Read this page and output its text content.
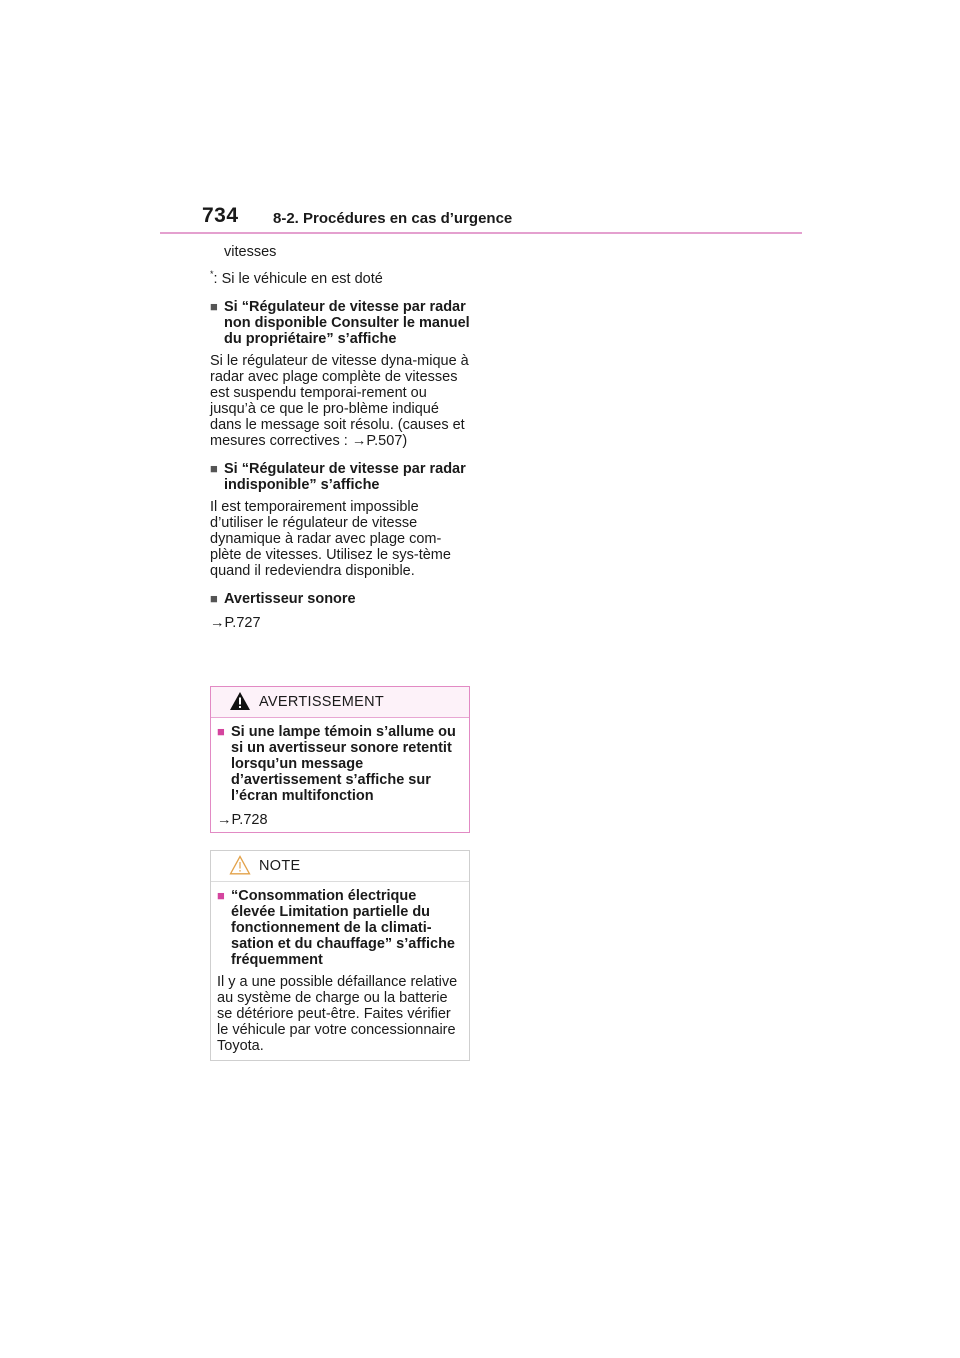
734 8-2. Procédures en cas d’urgence

vitesses

*: Si le véhicule en est doté

■ Si “Régulateur de vitesse par radar non disponible Consulter le manuel du propriétaire” s’affiche

Si le régulateur de vitesse dyna-mique à radar avec plage complète de vitesses est suspendu temporai-rement ou jusqu’à ce que le pro-blème indiqué dans le message soit résolu. (causes et mesures correctives : →P.507)

■ Si “Régulateur de vitesse par radar indisponible” s’affiche

Il est temporairement impossible d’utiliser le régulateur de vitesse dynamique à radar avec plage com-plète de vitesses. Utilisez le sys-tème quand il redeviendra disponible.

■ Avertisseur sonore

→P.727

AVERTISSEMENT
■ Si une lampe témoin s’allume ou si un avertisseur sonore retentit lorsqu’un message d’avertissement s’affiche sur l’écran multifonction

→P.728

NOTE
■ “Consommation électrique élevée Limitation partielle du fonctionnement de la climati-sation et du chauffage” s’affiche fréquemment

Il y a une possible défaillance relative au système de charge ou la batterie se détériore peut-être. Faites vérifier le véhicule par votre concessionnaire Toyota.
